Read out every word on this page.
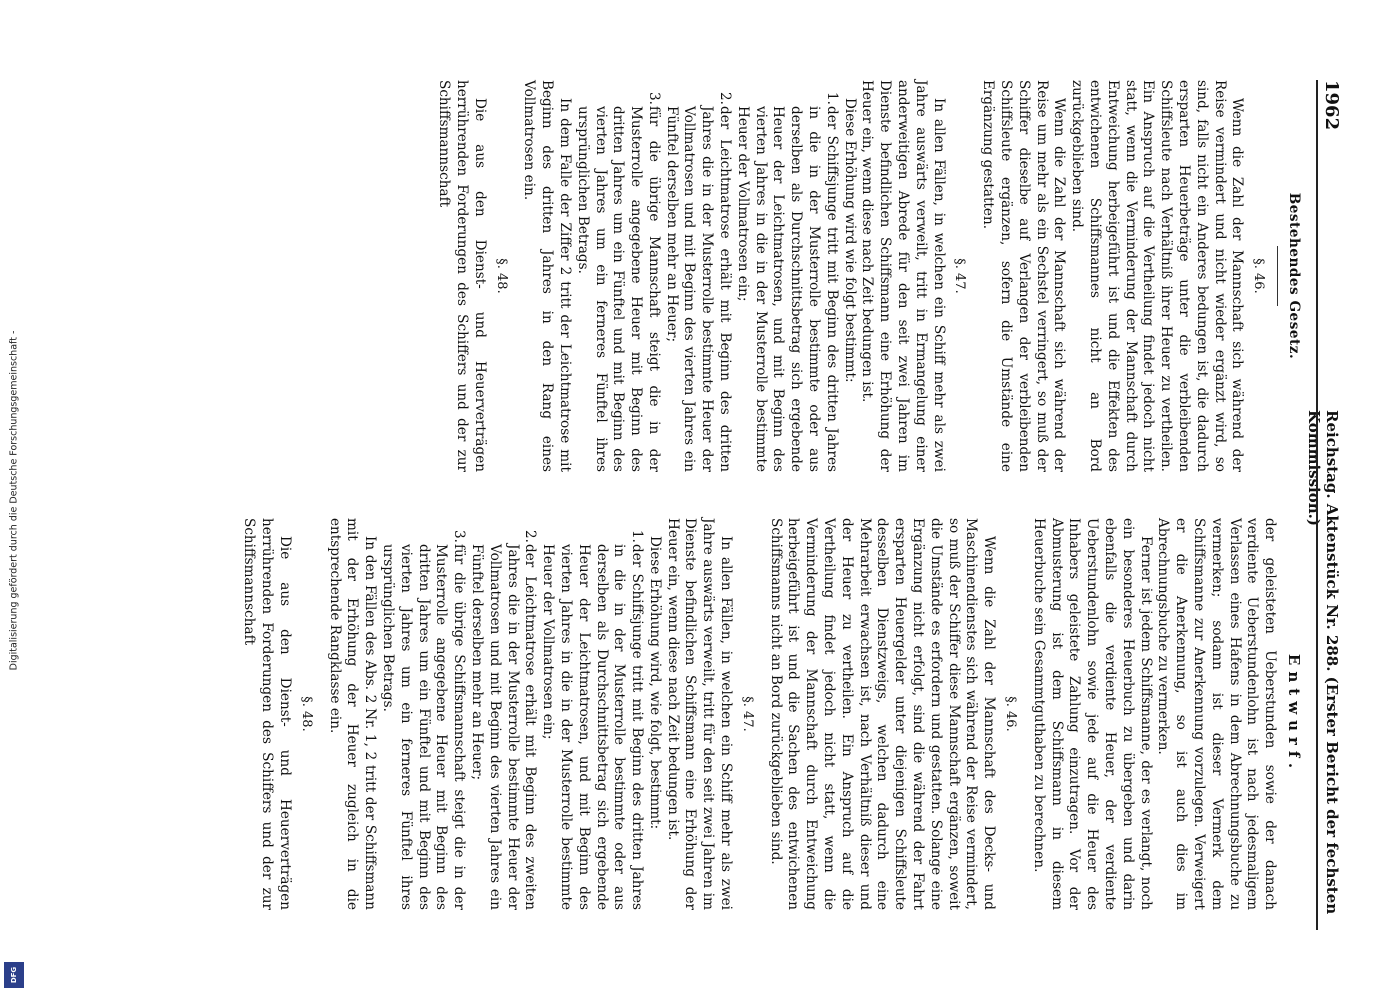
Digitalisierung gefördert durch die Deutsche Forschungsgemeinschaft -
DFG
1962
Reichstag. Aktenstück Nr. 288. (Erster Bericht der fechsten Kommission.)
Bestehendes Gesetz.
§. 46.

Wenn die Zahl der Mannschaft sich während der Reise vermindert und nicht wieder ergänzt wird, so sind, falls nicht ein Anderes bedungen ist, die dadurch ersparten Heuerbeträge unter die verbleibenden Schiffsleute nach Verhältniß ihrer Heuer zu vertheilen. Ein Anspruch auf die Vertheilung findet jedoch nicht statt, wenn die Verminderung der Mannschaft durch Entweichung herbeigeführt ist und die Effekten des entwichenen Schiffsmannes nicht an Bord zurückgeblieben sind.

Wenn die Zahl der Mannschaft sich während der Reise um mehr als ein Sechstel verringert, so muß der Schiffer dieselbe auf Verlangen der verbleibenden Schiffsleute ergänzen, sofern die Umstände eine Ergänzung gestatten.

§. 47.

In allen Fällen, in welchen ein Schiff mehr als zwei Jahre auswärts verweilt, tritt in Ermangelung einer anderweitigen Abrede für den seit zwei Jahren im Dienste befindlichen Schiffsmann eine Erhöhung der Heuer ein, wenn diese nach Zeit bedungen ist.

Diese Erhöhung wird wie folgt bestimmt:

1.der Schiffsjunge tritt mit Beginn des dritten Jahres in die in der Musterrolle bestimmte oder aus derselben als Durchschnittsbetrag sich ergebende Heuer der Leichtmatrosen, und mit Beginn des vierten Jahres in die in der Musterrolle bestimmte Heuer der Vollmatrosen ein;

2.der Leichtmatrose erhält mit Beginn des dritten Jahres die in der Musterrolle bestimmte Heuer der Vollmatrosen und mit Beginn des vierten Jahres ein Fünftel derselben mehr an Heuer;

3.für die übrige Mannschaft steigt die in der Musterrolle angegebene Heuer mit Beginn des dritten Jahres um ein Fünftel und mit Beginn des vierten Jahres um ein ferneres Fünftel ihres ursprünglichen Betrags.

In dem Falle der Ziffer 2 tritt der Leichtmatrose mit Beginn des dritten Jahres in den Rang eines Vollmatrosen ein.

§. 48.

Die aus den Dienst- und Heuerverträgen herrührenden Forderungen des Schiffers und der zur Schiffsmannschaft

Entwurf.

der geleisteten Ueberstunden sowie der danach verdiente Ueberstundenlohn ist nach jedesmaligem Verlassen eines Hafens in dem Abrechnungsbuche zu vermerken; sodann ist dieser Vermerk dem Schiffsmanne zur Anerkennung vorzulegen. Verweigert er die Anerkennung, so ist auch dies im Abrechnungsbuche zu vermerken.

Ferner ist jedem Schiffsmanne, der es verlangt, noch ein besonderes Heuerbuch zu übergeben und darin ebenfalls die verdiente Heuer, der verdiente Ueberstundenlohn sowie jede auf die Heuer des Inhabers geleistete Zahlung einzutragen. Vor der Abmusterung ist dem Schiffsmann in diesem Heuerbuche sein Gesammtguthaben zu berechnen.

§. 46.

Wenn die Zahl der Mannschaft des Decks- und Maschinendienstes sich während der Reise vermindert, so muß der Schiffer diese Mannschaft ergänzen, soweit die Umstände es erfordern und gestatten. Solange eine Ergänzung nicht erfolgt, sind die während der Fahrt ersparten Heuergelder unter diejenigen Schiffsleute desselben Dienstzweigs, welchen dadurch eine Mehrarbeit erwachsen ist, nach Verhältniß dieser und der Heuer zu vertheilen. Ein Anspruch auf die Vertheilung findet jedoch nicht statt, wenn die Verminderung der Mannschaft durch Entweichung herbeigeführt ist und die Sachen des entwichenen Schiffsmanns nicht an Bord zurückgeblieben sind.

§. 47.

In allen Fällen, in welchen ein Schiff mehr als zwei Jahre auswärts verweilt, tritt für den seit zwei Jahren im Dienste befindlichen Schiffsmann eine Erhöhung der Heuer ein, wenn diese nach Zeit bedungen ist.

Diese Erhöhung wird, wie folgt, bestimmt:

1.der Schiffsjunge tritt mit Beginn des dritten Jahres in die in der Musterrolle bestimmte oder aus derselben als Durchschnittsbetrag sich ergebende Heuer der Leichtmatrosen, und mit Beginn des vierten Jahres in die in der Musterrolle bestimmte Heuer der Vollmatrosen ein;

2.der Leichtmatrose erhält mit Beginn des zweiten Jahres die in der Musterrolle bestimmte Heuer der Vollmatrosen und mit Beginn des vierten Jahres ein Fünftel derselben mehr an Heuer;

3.für die übrige Schiffsmannschaft steigt die in der Musterrolle angegebene Heuer mit Beginn des dritten Jahres um ein Fünftel und mit Beginn des vierten Jahres um ein ferneres Fünftel ihres ursprünglichen Betrags.

In den Fällen des Abs. 2 Nr. 1, 2 tritt der Schiffsmann mit der Erhöhung der Heuer zugleich in die entsprechende Rangklasse ein.

§. 48.

Die aus den Dienst- und Heuerverträgen herrührenden Forderungen des Schiffers und der zur Schiffsmannschaft
